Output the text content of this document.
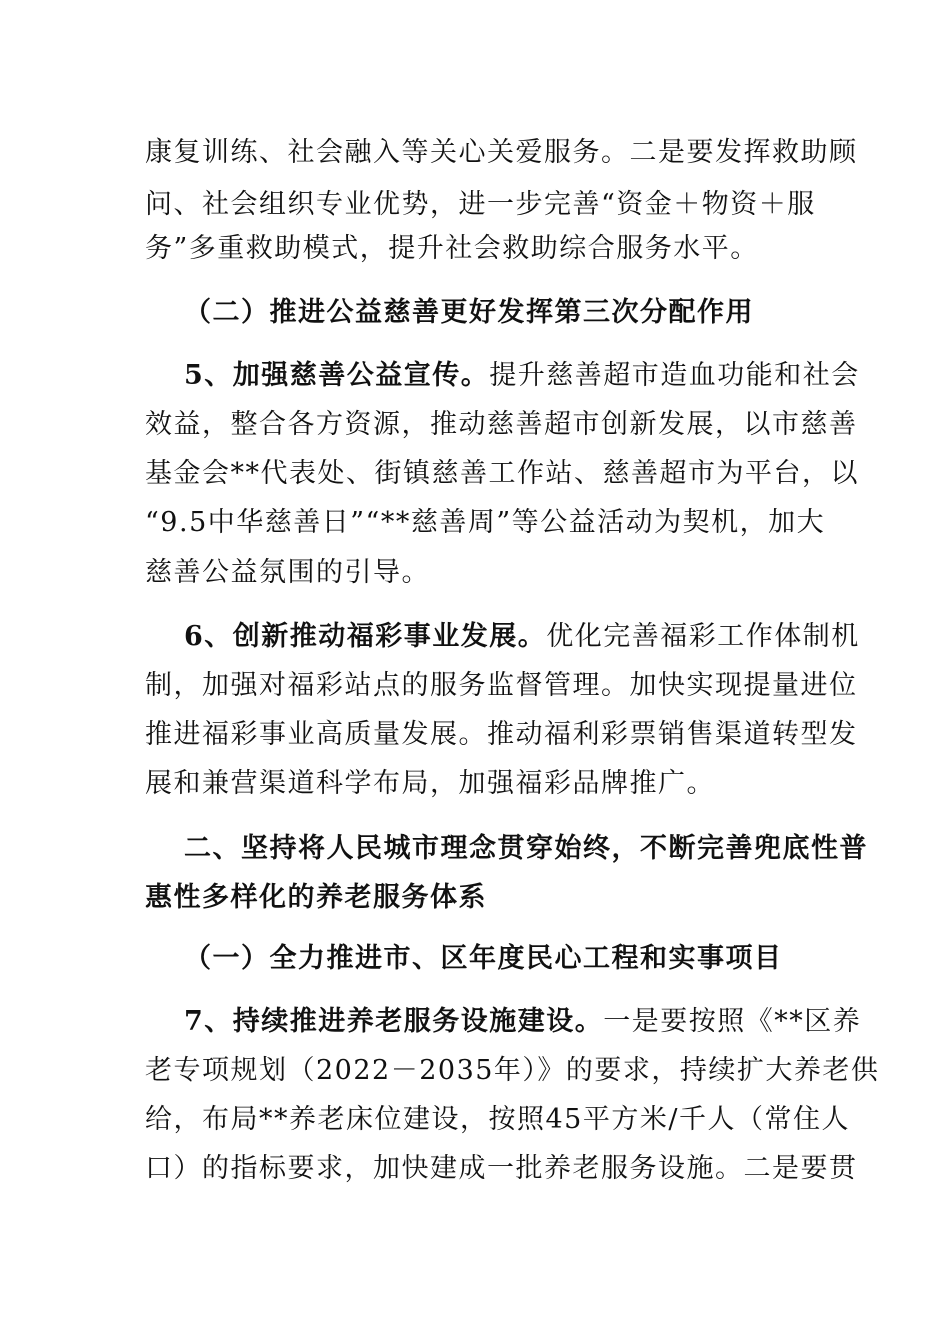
康复训练、社会融入等关心关爱服务。二是要发挥救助顾
问、社会组织专业优势，进一步完善“资金＋物资＋服
务”多重救助模式，提升社会救助综合服务水平。
（二）推进公益慈善更好发挥第三次分配作用
5、加强慈善公益宣传。提升慈善超市造血功能和社会
效益，整合各方资源，推动慈善超市创新发展，以市慈善
基金会**代表处、街镇慈善工作站、慈善超市为平台，以
“9.5中华慈善日”“**慈善周”等公益活动为契机，加大
慈善公益氛围的引导。
6、创新推动福彩事业发展。优化完善福彩工作体制机
制，加强对福彩站点的服务监督管理。加快实现提量进位
推进福彩事业高质量发展。推动福利彩票销售渠道转型发
展和兼营渠道科学布局，加强福彩品牌推广。
二、坚持将人民城市理念贯穿始终，不断完善兜底性普
惠性多样化的养老服务体系
（一）全力推进市、区年度民心工程和实事项目
7、持续推进养老服务设施建设。一是要按照《**区养
老专项规划（2022－2035年）》的要求，持续扩大养老供
给，布局**养老床位建设，按照45平方米/千人（常住人
口）的指标要求，加快建成一批养老服务设施。二是要贯
